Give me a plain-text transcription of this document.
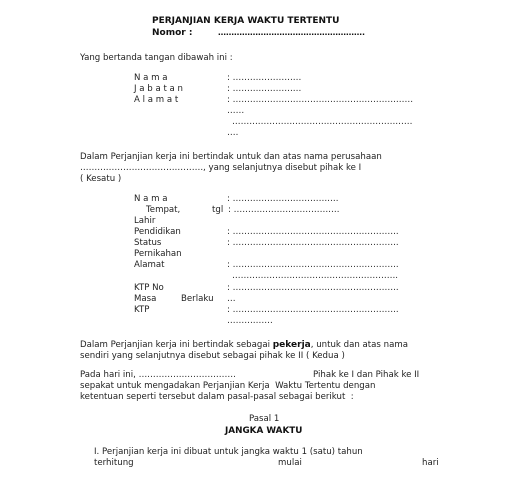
PERJANJIAN KERJA WAKTU TERTENTU
Nomor :	……………………………………………….
Yang bertanda tangan dibawah ini :
N a m a	: ……………………
J a b a t a n	: ……………………
A l a m a t	: ………………………………………………………
……
………………………………………………………
….
Dalam Perjanjian kerja ini bertindak untuk dan atas nama perusahaan
……………………………………., yang selanjutnya disebut pihak ke I
( Kesatu )
N a m a	: ……………………………….
Tempat,	tgl : ……………………………….
Lahir
Pendidikan	: ………………………………………………….
Status	: ………………………………………………….
Pernikahan
Alamat	: ………………………………………………….
………………………………………………….
KTP No	: ………………………………………………….
Masa	Berlaku …
KTP	: ………………………………………………….
…………….
Dalam Perjanjian kerja ini bertindak sebagai pekerja, untuk dan atas nama
sendiri yang selanjutnya disebut sebagai pihak ke II ( Kedua )
Pada hari ini, …………………………….	Pihak ke I dan Pihak ke II
sepakat untuk mengadakan Perjanjian Kerja  Waktu Tertentu dengan
ketentuan seperti tersebut dalam pasal-pasal sebagai berikut  :
Pasal 1
JANGKA WAKTU
I. Perjanjian kerja ini dibuat untuk jangka waktu 1 (satu) tahun
terhitung	mulai	hari
